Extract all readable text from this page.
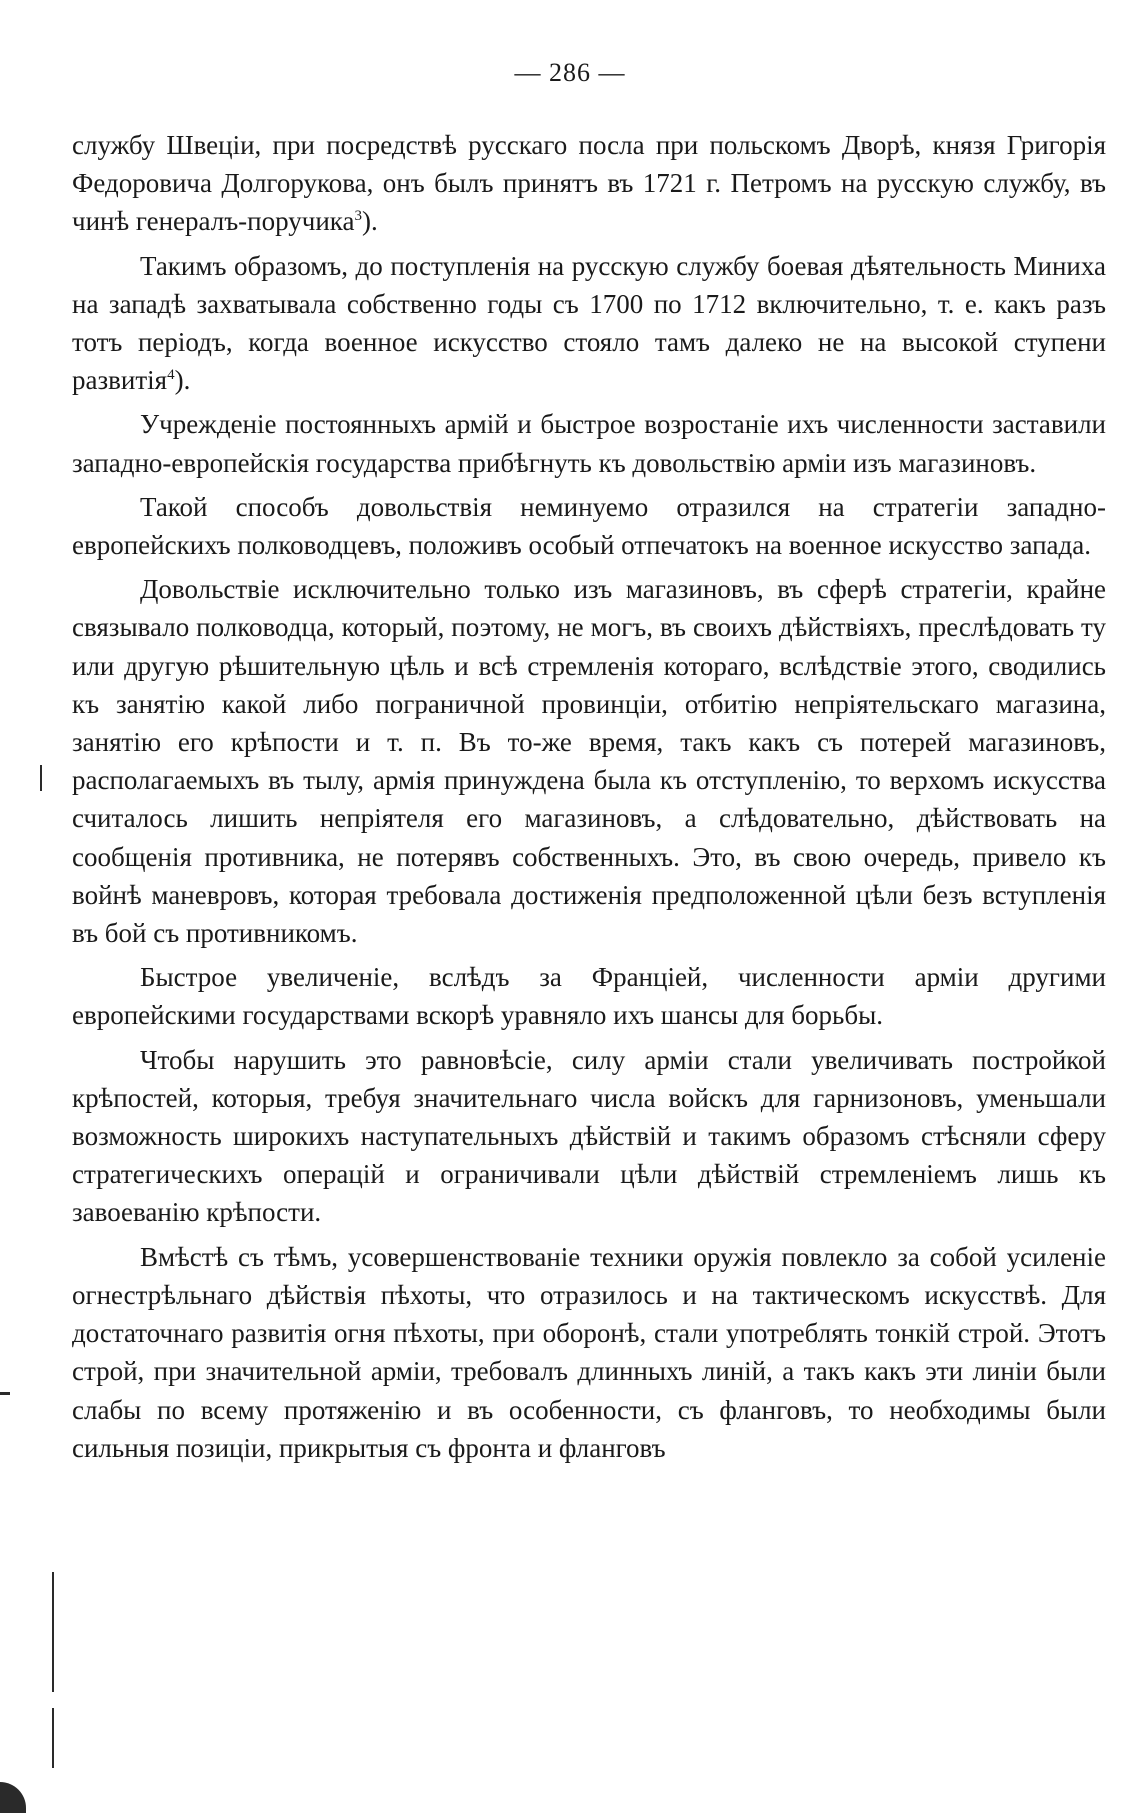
— 286 —

службу Швеціи, при посредствѣ русскаго посла при польскомъ Дворѣ, князя Григорія Федоровича Долгорукова, онъ былъ принятъ въ 1721 г. Петромъ на русскую службу, въ чинѣ генералъ-поручика$^3$).

Такимъ образомъ, до поступленія на русскую службу боевая дѣятельность Миниха на западѣ захватывала собственно годы съ 1700 по 1712 включительно, т. е. какъ разъ тотъ періодъ, когда военное искусство стояло тамъ далеко не на высокой ступени развитія$^4$).

Учрежденіе постоянныхъ армій и быстрое возростаніе ихъ численности заставили западно-европейскія государства прибѣгнуть къ довольствію арміи изъ магазиновъ.

Такой способъ довольствія неминуемо отразился на стратегіи западно-европейскихъ полководцевъ, положивъ особый отпечатокъ на военное искусство запада.

Довольствіе исключительно только изъ магазиновъ, въ сферѣ стратегіи, крайне связывало полководца, который, поэтому, не могъ, въ своихъ дѣйствіяхъ, преслѣдовать ту или другую рѣшительную цѣль и всѣ стремленія котораго, вслѣдствіе этого, сводились къ занятію какой либо пограничной провинціи, отбитію непріятельскаго магазина, занятію его крѣпости и т. п. Въ то-же время, такъ какъ съ потерей магазиновъ, располагаемыхъ въ тылу, армія принуждена была къ отступленію, то верхомъ искусства считалось лишить непріятеля его магазиновъ, а слѣдовательно, дѣйствовать на сообщенія противника, не потерявъ собственныхъ. Это, въ свою очередь, привело къ войнѣ маневровъ, которая требовала достиженія предположенной цѣли безъ вступленія въ бой съ противникомъ.

Быстрое увеличеніе, вслѣдъ за Франціей, численности арміи другими европейскими государствами вскорѣ уравняло ихъ шансы для борьбы.

Чтобы нарушить это равновѣсіе, силу арміи стали увеличивать постройкой крѣпостей, которыя, требуя значительнаго числа войскъ для гарнизоновъ, уменьшали возможность широкихъ наступательныхъ дѣйствій и такимъ образомъ стѣсняли сферу стратегическихъ операцій и ограничивали цѣли дѣйствій стремленіемъ лишь къ завоеванію крѣпости.

Вмѣстѣ съ тѣмъ, усовершенствованіе техники оружія повлекло за собой усиленіе огнестрѣльнаго дѣйствія пѣхоты, что отразилось и на тактическомъ искусствѣ. Для достаточнаго развитія огня пѣхоты, при оборонѣ, стали употреблять тонкій строй. Этотъ строй, при значительной арміи, требовалъ длинныхъ линій, а такъ какъ эти линіи были слабы по всему протяженію и въ особенности, съ фланговъ, то необходимы были сильныя позиціи, прикрытыя съ фронта и фланговъ
